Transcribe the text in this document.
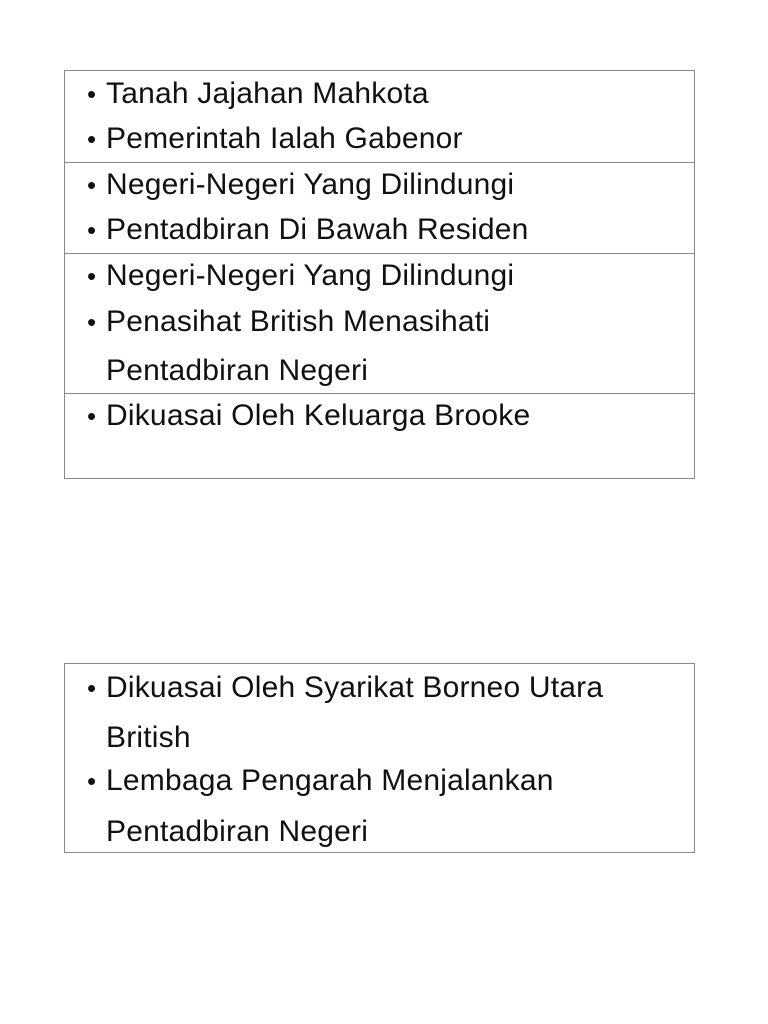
• Tanah Jajahan Mahkota
• Pemerintah Ialah Gabenor
• Negeri-Negeri Yang Dilindungi
• Pentadbiran Di Bawah Residen
• Negeri-Negeri Yang Dilindungi
• Penasihat British Menasihati
Pentadbiran Negeri
• Dikuasai Oleh Keluarga Brooke
• Dikuasai Oleh Syarikat Borneo Utara
British
• Lembaga Pengarah Menjalankan
Pentadbiran Negeri
